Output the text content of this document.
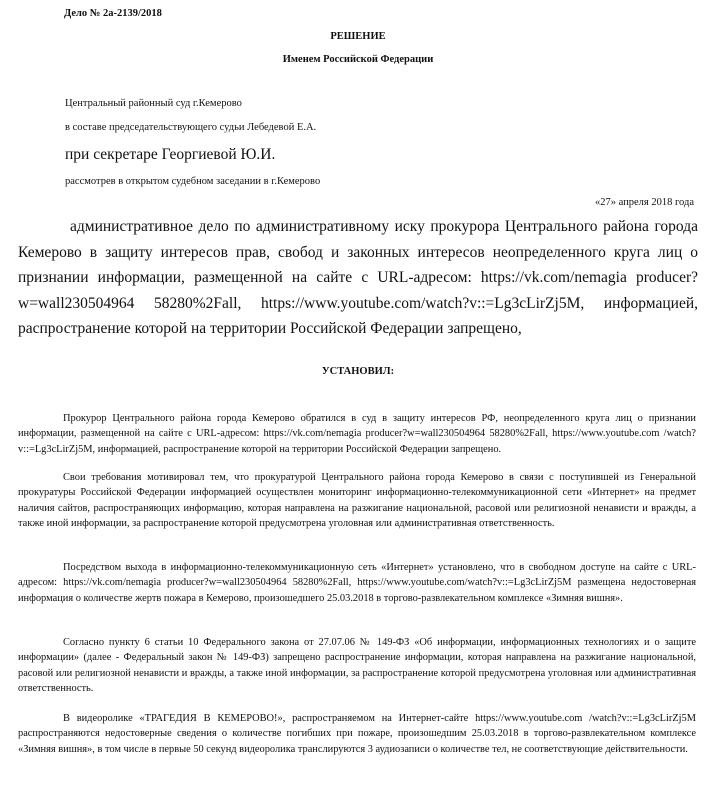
Дело № 2а-2139/2018
РЕШЕНИЕ
Именем Российской Федерации
Центральный районный суд г.Кемерово
в составе председательствующего судьи Лебедевой Е.А.
при секретаре Георгиевой Ю.И.
рассмотрев в открытом судебном заседании в г.Кемерово
«27» апреля 2018 года

административное дело по административному иску прокурора Центрального района города Кемерово в защиту интересов прав, свобод и законных интересов неопределенного круга лиц о признании информации, размещенной на сайте с URL-адресом: https://vk.com/nemagia producer?w=wall230504964 58280%2Fall, https://www.youtube.com/watch?v::=Lg3cLirZj5M, информацией, распространение которой на территории Российской Федерации запрещено,

УСТАНОВИЛ:

Прокурор Центрального района города Кемерово обратился в суд в защиту интересов РФ, неопределенного круга лиц о признании информации, размещенной на сайте с URL-адресом: https://vk.com/nemagia producer?w=wall230504964 58280%2Fall, https://www.youtube.com /watch?v::=Lg3cLirZj5M, информацией, распространение которой на территории Российской Федерации запрещено.

Свои требования мотивировал тем, что прокуратурой Центрального района города Кемерово в связи с поступившей из Генеральной прокуратуры Российской Федерации информацией осуществлен мониторинг информационно-телекоммуникационной сети «Интернет» на предмет наличия сайтов, распространяющих информацию, которая направлена на разжигание национальной, расовой или религиозной ненависти и вражды, а также иной информации, за распространение которой предусмотрена уголовная или административная ответственность.

Посредством выхода в информационно-телекоммуникационную сеть «Интернет» установлено, что в свободном доступе на сайте с URL-адресом: https://vk.com/nemagia producer?w=wall230504964 58280%2Fall, https://www.youtube.com/watch?v::=Lg3cLirZj5M размещена недостоверная информация о количестве жертв пожара в Кемерово, произошедшего 25.03.2018 в торгово-развлекательном комплексе «Зимняя вишня».

Согласно пункту 6 статьи 10 Федерального закона от 27.07.06 № 149-ФЗ «Об информации, информационных технологиях и о защите информации» (далее - Федеральный закон № 149-ФЗ) запрещено распространение информации, которая направлена на разжигание национальной, расовой или религиозной ненависти и вражды, а также иной информации, за распространение которой предусмотрена уголовная или административная ответственность.

В видеоролике «ТРАГЕДИЯ В КЕМЕРОВО!», распространяемом на Интернет-сайте https://www.youtube.com /watch?v::=Lg3cLirZj5M распространяются недостоверные сведения о количестве погибших при пожаре, произошедшим 25.03.2018 в торгово-развлекательном комплексе «Зимняя вишня», в том числе в первые 50 секунд видеоролика транслируются 3 аудиозаписи о количестве тел, не соответствующие действительности.
